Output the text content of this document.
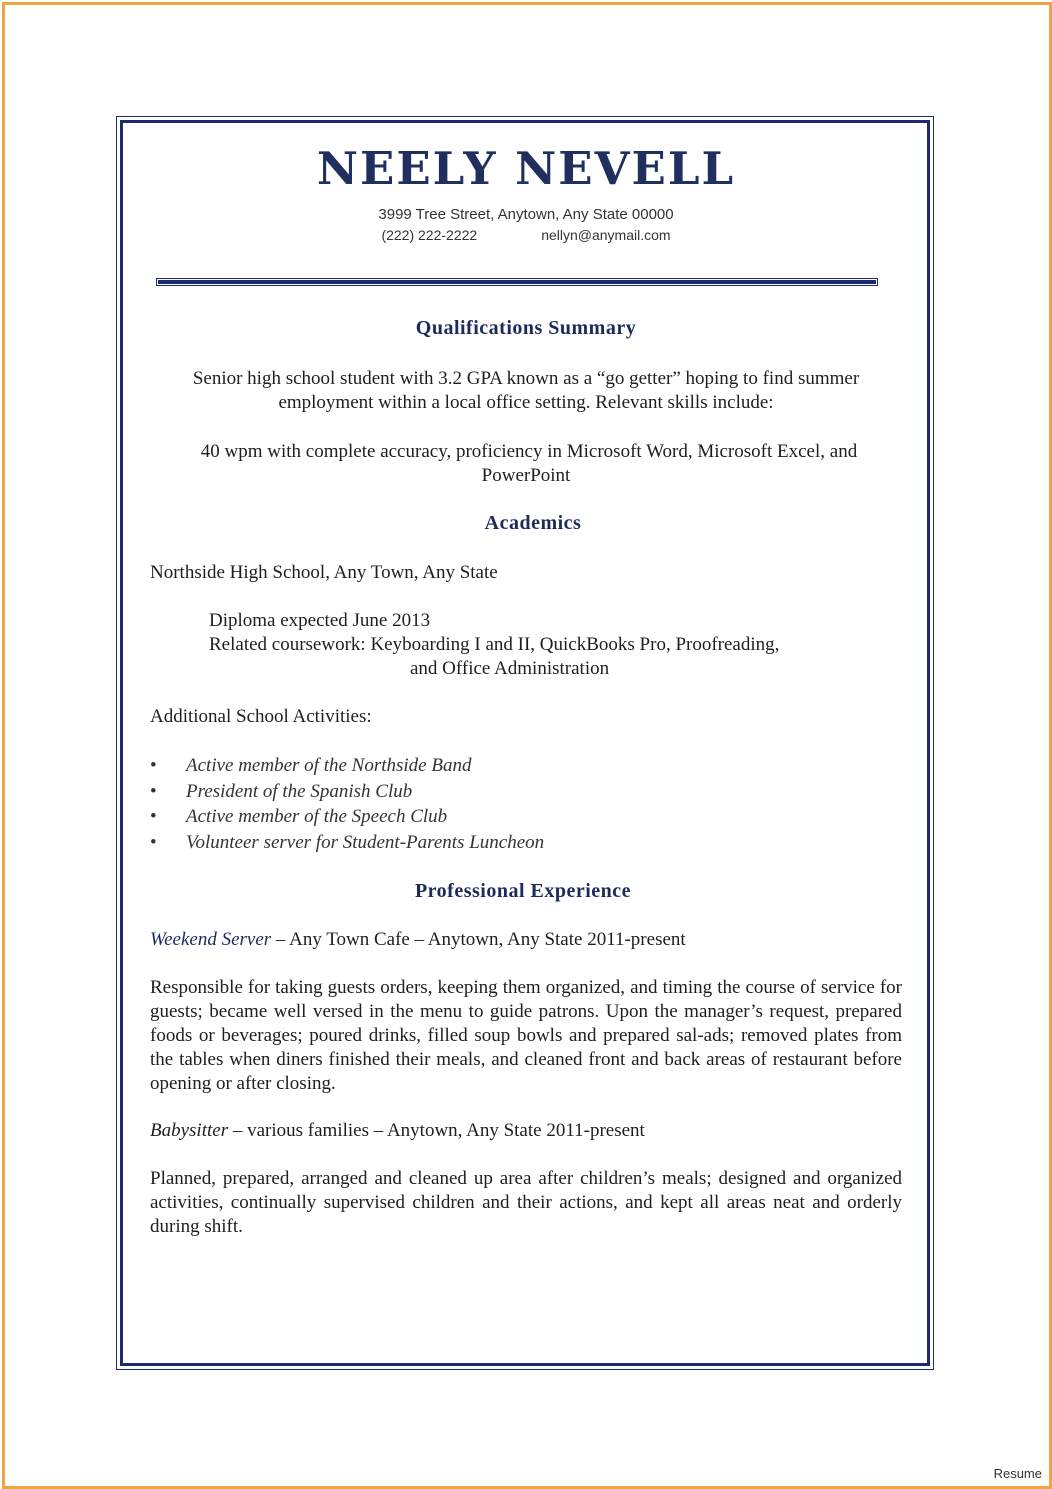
NEELY NEVELL
3999 Tree Street, Anytown, Any State 00000
(222) 222-2222	nellyn@anymail.com
Qualifications Summary
Senior high school student with 3.2 GPA known as a “go getter” hoping to find summer
employment within a local office setting. Relevant skills include:
40 wpm with complete accuracy, proficiency in Microsoft Word, Microsoft Excel, and
PowerPoint
Academics
Northside High School, Any Town, Any State
Diploma expected June 2013
Related coursework: Keyboarding I and II, QuickBooks Pro, Proofreading,
and Office Administration
Additional School Activities:
• Active member of the Northside Band
• President of the Spanish Club
• Active member of the Speech Club
• Volunteer server for Student-Parents Luncheon
Professional Experience
Weekend Server – Any Town Cafe – Anytown, Any State 2011-present
Responsible for taking guests orders, keeping them organized, and timing the course of service for guests; became well versed in the menu to guide patrons. Upon the manager’s request, prepared foods or beverages; poured drinks, filled soup bowls and prepared sal-ads; removed plates from the tables when diners finished their meals, and cleaned front and back areas of restaurant before opening or after closing.
Babysitter – various families – Anytown, Any State 2011-present
Planned, prepared, arranged and cleaned up area after children’s meals; designed and organized activities, continually supervised children and their actions, and kept all areas neat and orderly during shift.
Resume
